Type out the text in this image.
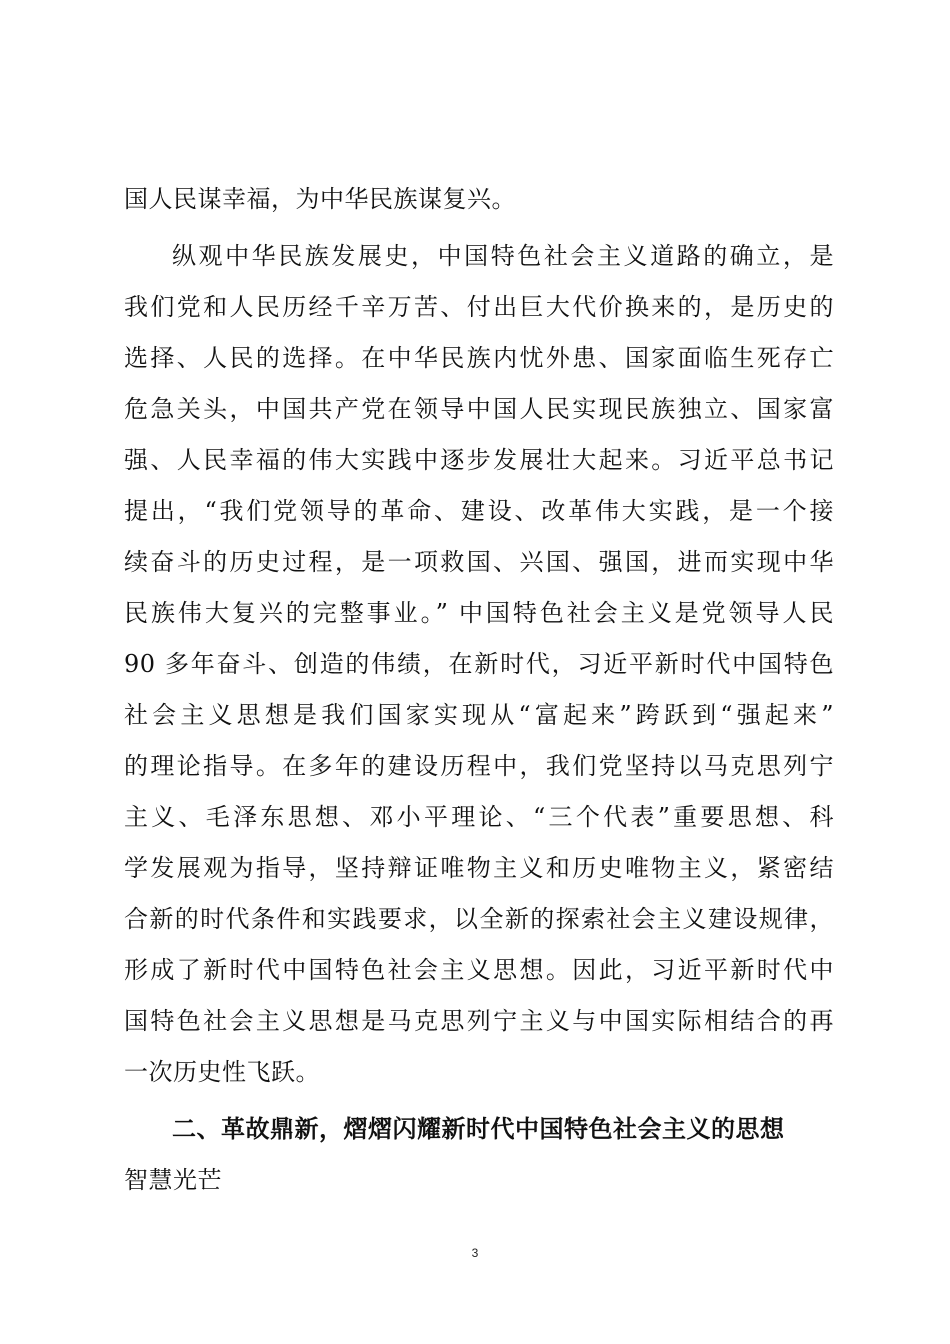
国人民谋幸福，为中华民族谋复兴。

纵观中华民族发展史，中国特色社会主义道路的确立，是

我们党和人民历经千辛万苦、付出巨大代价换来的，是历史的

选择、人民的选择。在中华民族内忧外患、国家面临生死存亡

危急关头，中国共产党在领导中国人民实现民族独立、国家富

强、人民幸福的伟大实践中逐步发展壮大起来。习近平总书记

提出，“我们党领导的革命、建设、改革伟大实践，是一个接

续奋斗的历史过程，是一项救国、兴国、强国，进而实现中华

民族伟大复兴的完整事业。” 中国特色社会主义是党领导人民

90 多年奋斗、创造的伟绩，在新时代，习近平新时代中国特色

社会主义思想是我们国家实现从“富起来”跨跃到“强起来”

的理论指导。在多年的建设历程中，我们党坚持以马克思列宁

主义、毛泽东思想、邓小平理论、“三个代表”重要思想、科

学发展观为指导，坚持辩证唯物主义和历史唯物主义，紧密结

合新的时代条件和实践要求，以全新的探索社会主义建设规律，

形成了新时代中国特色社会主义思想。因此，习近平新时代中

国特色社会主义思想是马克思列宁主义与中国实际相结合的再

一次历史性飞跃。

二、革故鼎新，熠熠闪耀新时代中国特色社会主义的思想

智慧光芒

3
